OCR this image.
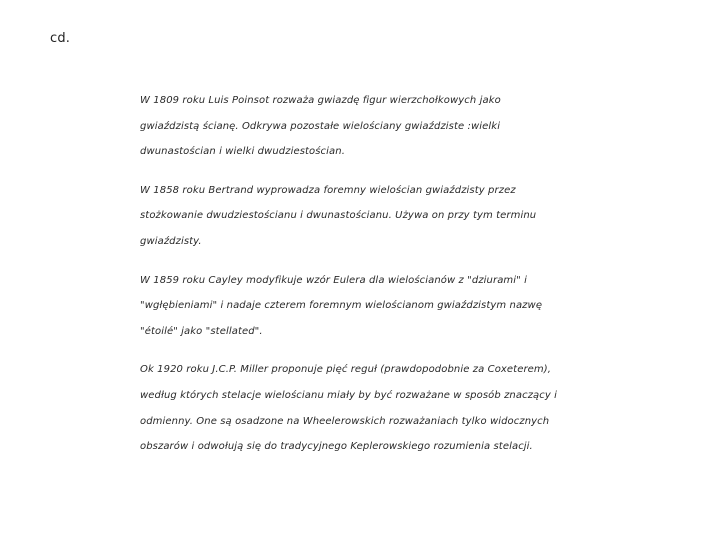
cd.
W 1809 roku Luis Poinsot rozważa gwiazdę figur wierzchołkowych jako
gwiaździstą ścianę. Odkrywa pozostałe wielościany gwiaździste :wielki
dwunastościan i wielki dwudziestościan.
W 1858 roku Bertrand wyprowadza foremny wielościan gwiaździsty przez
stożkowanie dwudziestościanu i dwunastościanu. Używa on przy tym terminu
gwiaździsty.
W 1859 roku Cayley modyfikuje wzór Eulera dla wielościanów z "dziurami" i
"wgłębieniami" i nadaje czterem foremnym wielościanom gwiaździstym nazwę
"étoilé" jako "stellated".
Ok 1920 roku J.C.P. Miller proponuje pięć reguł (prawdopodobnie za Coxeterem),
według których stelacje wielościanu miały by być rozważane w sposób znaczący i
odmienny. One są osadzone na Wheelerowskich rozważaniach tylko widocznych
obszarów i odwołują się do tradycyjnego Keplerowskiego rozumienia stelacji.
